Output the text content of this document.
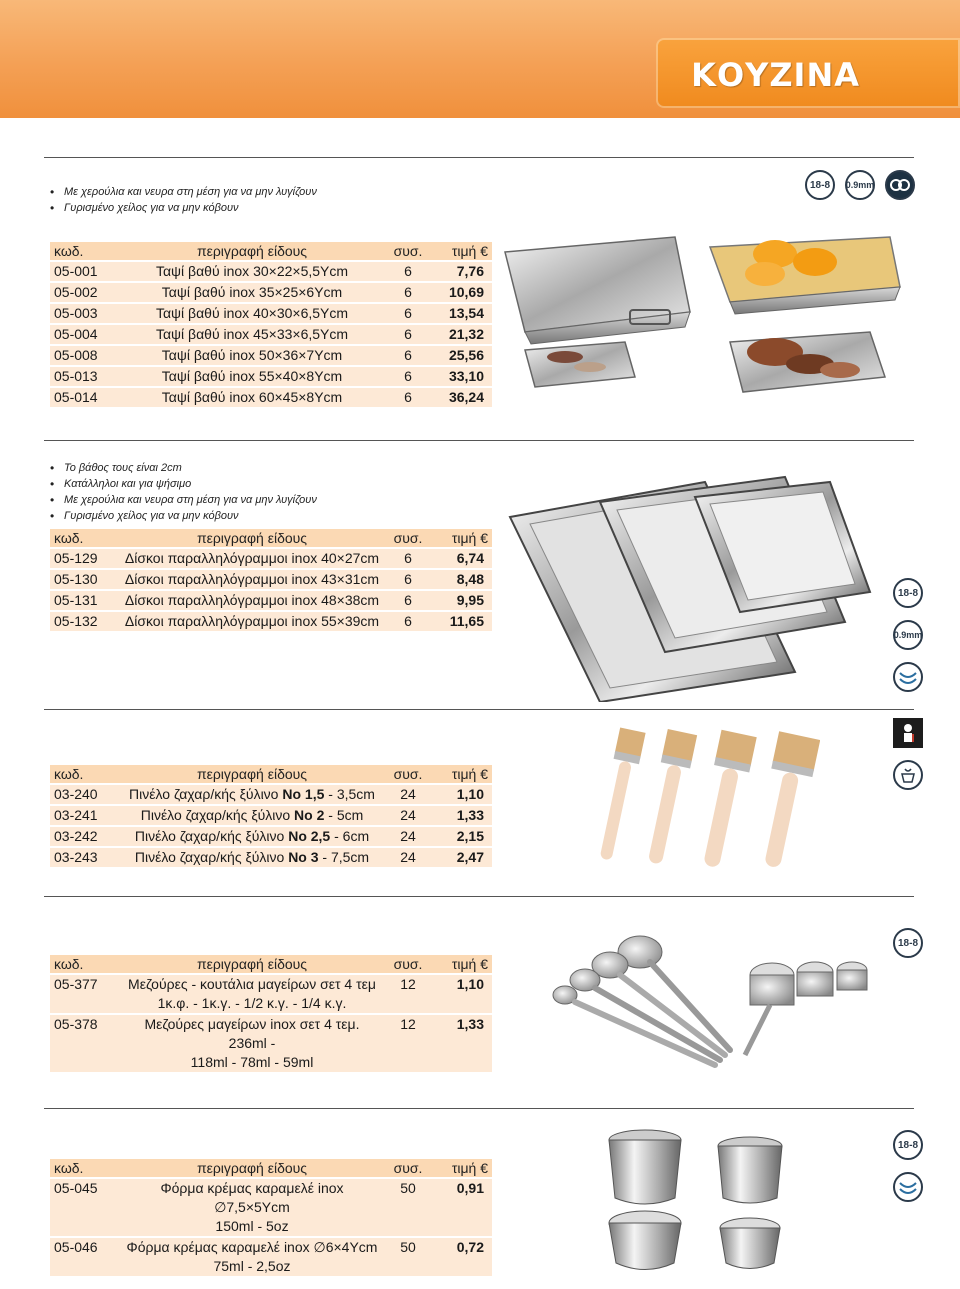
ΚΟΥΖΙΝΑ
• Με χερούλια και νευρα στη μέση για να μην λυγίζουν
• Γυρισμένο χείλος για να μην κόβουν
18-8 0.9mm
κωδ.	περιγραφή είδους	συσ.	τιμή €
05-001	Ταψί βαθύ inox 30×22×5,5Υcm	6	7,76
05-002	Ταψί βαθύ inox 35×25×6Υcm	6	10,69
05-003	Ταψί βαθύ inox 40×30×6,5Υcm	6	13,54
05-004	Ταψί βαθύ inox 45×33×6,5Υcm	6	21,32
05-008	Ταψί βαθύ inox 50×36×7Υcm	6	25,56
05-013	Ταψί βαθύ inox 55×40×8Υcm	6	33,10
05-014	Ταψί βαθύ inox 60×45×8Υcm	6	36,24
• Το βάθος τους είναι 2cm
• Κατάλληλοι και για ψήσιμο
• Με χερούλια και νευρα στη μέση για να μην λυγίζουν
• Γυρισμένο χείλος για να μην κόβουν
κωδ.	περιγραφή είδους	συσ.	τιμή €
05-129	Δίσκοι παραλληλόγραμμοι inox 40×27cm	6	6,74
05-130	Δίσκοι παραλληλόγραμμοι inox 43×31cm	6	8,48
05-131	Δίσκοι παραλληλόγραμμοι inox 48×38cm	6	9,95
05-132	Δίσκοι παραλληλόγραμμοι inox 55×39cm	6	11,65
18-8
0.9mm
κωδ.	περιγραφή είδους	συσ.	τιμή €
03-240	Πινέλο ζαχαρ/κής ξύλινο Νο 1,5 - 3,5cm	24	1,10
03-241	Πινέλο ζαχαρ/κής ξύλινο Νο 2 - 5cm	24	1,33
03-242	Πινέλο ζαχαρ/κής ξύλινο Νο 2,5 - 6cm	24	2,15
03-243	Πινέλο ζαχαρ/κής ξύλινο Νο 3 - 7,5cm	24	2,47
18-8
κωδ.	περιγραφή είδους	συσ.	τιμή €
05-377	Μεζούρες - κουτάλια μαγείρων σετ 4 τεμ
1κ.φ. - 1κ.γ. - 1/2 κ.γ. - 1/4 κ.γ.	12	1,10
05-378	Μεζούρες μαγείρων inox σετ 4 τεμ. 236ml -
118ml - 78ml - 59ml	12	1,33
18-8
κωδ.	περιγραφή είδους	συσ.	τιμή €
05-045	Φόρμα κρέμας καραμελέ inox ∅7,5×5Υcm
150ml - 5oz	50	0,91
05-046	Φόρμα κρέμας καραμελέ inox ∅6×4Υcm
75ml - 2,5oz	50	0,72
